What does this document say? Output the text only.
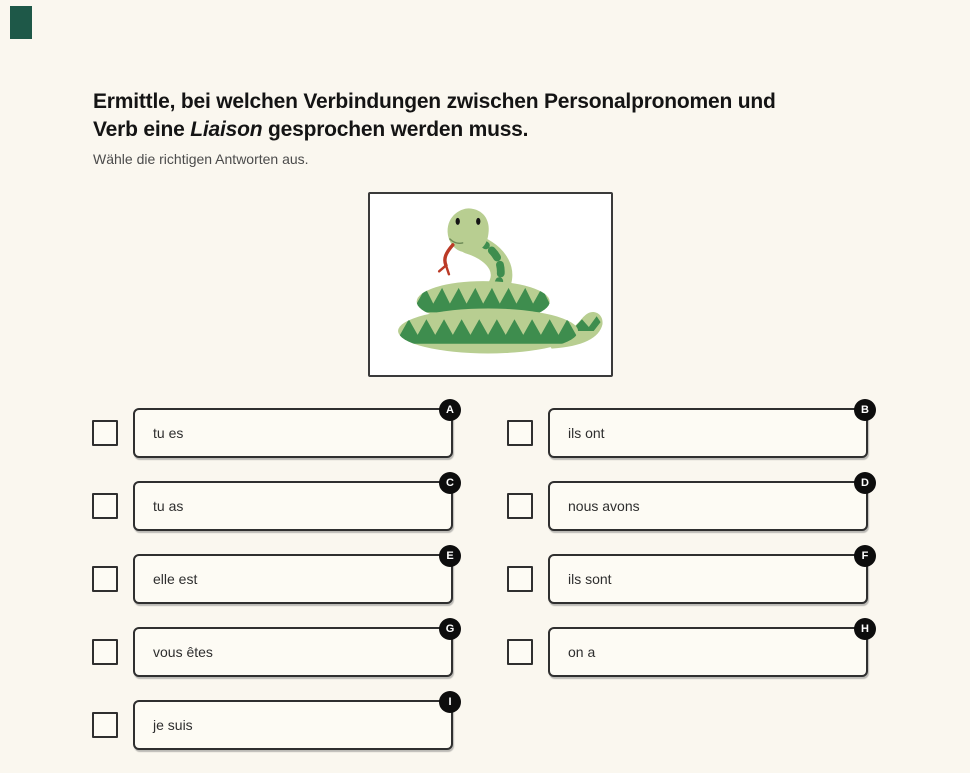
Ermittle, bei welchen Verbindungen zwischen Personalpronomen und
Verb eine Liaison gesprochen werden muss.
Wähle die richtigen Antworten aus.
tu es
A
ils ont
B
tu as
C
nous avons
D
elle est
E
ils sont
F
vous êtes
G
on a
H
je suis
I
